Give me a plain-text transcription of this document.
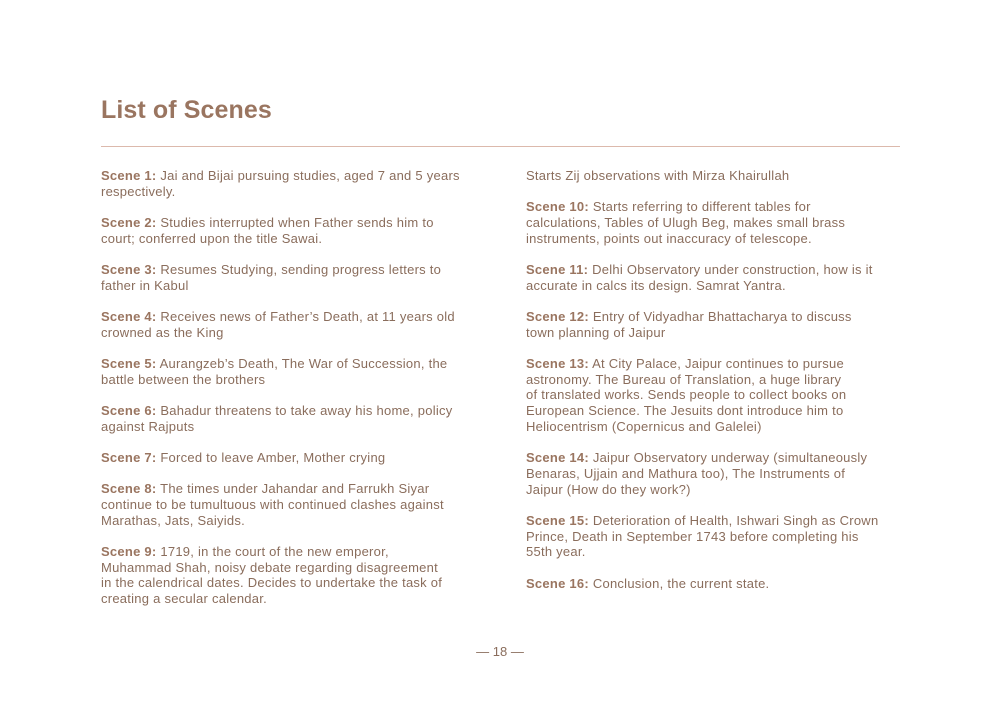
List of Scenes

Scene 1: Jai and Bijai pursuing studies, aged 7 and 5 years
respectively.

Scene 2: Studies interrupted when Father sends him to
court; conferred upon the title Sawai.

Scene 3: Resumes Studying, sending progress letters to
father in Kabul

Scene 4: Receives news of Father’s Death, at 11 years old
crowned as the King

Scene 5: Aurangzeb’s Death, The War of Succession, the
battle between the brothers

Scene 6: Bahadur threatens to take away his home, policy
against Rajputs

Scene 7: Forced to leave Amber, Mother crying

Scene 8: The times under Jahandar and Farrukh Siyar
continue to be tumultuous with continued clashes against
Marathas, Jats, Saiyids.

Scene 9: 1719, in the court of the new emperor,
Muhammad Shah, noisy debate regarding disagreement
in the calendrical dates. Decides to undertake the task of
creating a secular calendar.

Starts Zij observations with Mirza Khairullah

Scene 10: Starts referring to different tables for
calculations, Tables of Ulugh Beg, makes small brass
instruments, points out inaccuracy of telescope.

Scene 11: Delhi Observatory under construction, how is it
accurate in calcs its design. Samrat Yantra.

Scene 12: Entry of Vidyadhar Bhattacharya to discuss
town planning of Jaipur

Scene 13: At City Palace, Jaipur continues to pursue
astronomy. The Bureau of Translation, a huge library
of translated works. Sends people to collect books on
European Science. The Jesuits dont introduce him to
Heliocentrism (Copernicus and Galelei)

Scene 14: Jaipur Observatory underway (simultaneously
Benaras, Ujjain and Mathura too), The Instruments of
Jaipur (How do they work?)

Scene 15: Deterioration of Health, Ishwari Singh as Crown
Prince, Death in September 1743 before completing his
55th year.

Scene 16: Conclusion, the current state.

— 18 —
